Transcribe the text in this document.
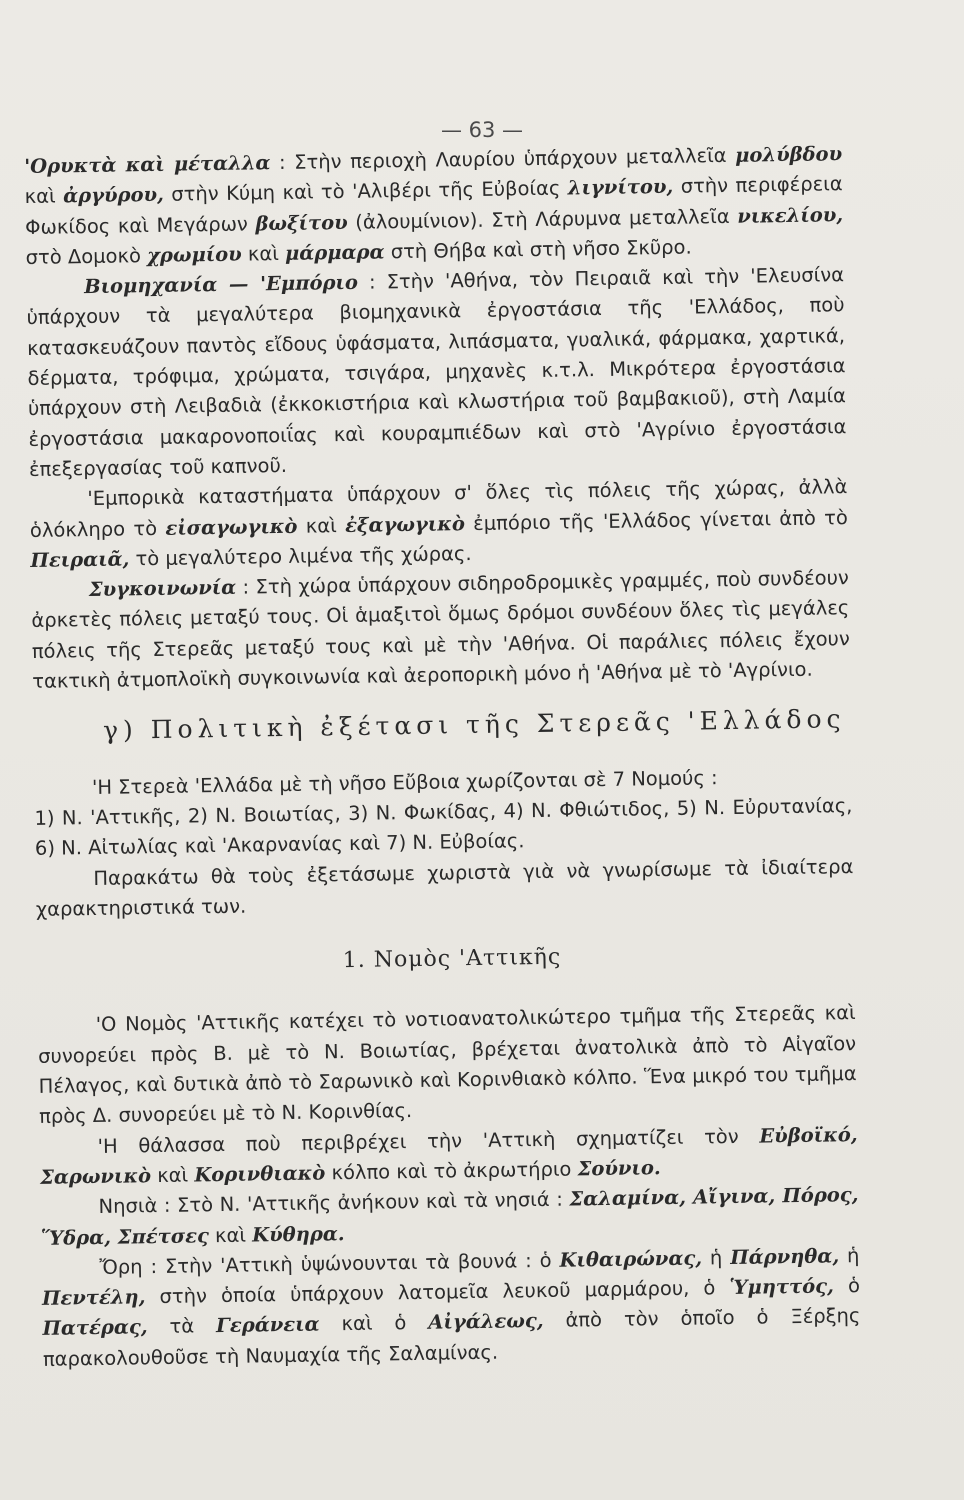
— 63 —

'Ορυκτὰ καὶ μέταλλα : Στὴν περιοχὴ Λαυρίου ὑπάρχουν μεταλλεῖα μολύβδου καὶ ἀργύρου, στὴν Κύμη καὶ τὸ 'Αλιβέρι τῆς Εὐβοίας λιγνίτου, στὴν περιφέρεια Φωκίδος καὶ Μεγάρων βωξίτου (ἀλουμίνιον). Στὴ Λάρυμνα μεταλλεῖα νικελίου, στὸ Δομοκὸ χρωμίου καὶ μάρμαρα στὴ Θήβα καὶ στὴ νῆσο Σκῦρο.

Βιομηχανία — 'Εμπόριο : Στὴν 'Αθήνα, τὸν Πειραιᾶ καὶ τὴν 'Ελευσίνα ὑπάρχουν τὰ μεγαλύτερα βιομηχανικὰ ἐργοστάσια τῆς 'Ελλάδος, ποὺ κατασκευάζουν παντὸς εἴδους ὑφάσματα, λιπάσματα, γυαλικά, φάρμακα, χαρτικά, δέρματα, τρόφιμα, χρώματα, τσιγάρα, μηχανὲς κ.τ.λ. Μικρότερα ἐργοστάσια ὑπάρχουν στὴ Λειβαδιὰ (ἐκκοκιστήρια καὶ κλωστήρια τοῦ βαμβακιοῦ), στὴ Λαμία ἐργοστάσια μακαρονοποιΐας καὶ κουραμπιέδων καὶ στὸ 'Αγρίνιο ἐργοστάσια ἐπεξεργασίας τοῦ καπνοῦ.

'Εμπορικὰ καταστήματα ὑπάρχουν σ' ὅλες τὶς πόλεις τῆς χώρας, ἀλλὰ ὁλόκληρο τὸ εἰσαγωγικὸ καὶ ἐξαγωγικὸ ἐμπόριο τῆς 'Ελλάδος γίνεται ἀπὸ τὸ Πειραιᾶ, τὸ μεγαλύτερο λιμένα τῆς χώρας.

Συγκοινωνία : Στὴ χώρα ὑπάρχουν σιδηροδρομικὲς γραμμές, ποὺ συνδέουν ἀρκετὲς πόλεις μεταξύ τους. Οἱ ἁμαξιτοὶ ὅμως δρόμοι συνδέουν ὅλες τὶς μεγάλες πόλεις τῆς Στερεᾶς μεταξύ τους καὶ μὲ τὴν 'Αθήνα. Οἱ παράλιες πόλεις ἔχουν τακτικὴ ἀτμοπλοϊκὴ συγκοινωνία καὶ ἀεροπορικὴ μόνο ἡ 'Αθήνα μὲ τὸ 'Αγρίνιο.

γ) Πολιτικὴ ἐξέτασι τῆς Στερεᾶς 'Ελλάδος

'Η Στερεὰ 'Ελλάδα μὲ τὴ νῆσο Εὔβοια χωρίζονται σὲ 7 Νομούς :

1) Ν. 'Αττικῆς, 2) Ν. Βοιωτίας, 3) Ν. Φωκίδας, 4) Ν. Φθιώτιδος, 5) Ν. Εὐρυτανίας, 6) Ν. Αἰτωλίας καὶ 'Ακαρνανίας καὶ 7) Ν. Εὐβοίας.

Παρακάτω θὰ τοὺς ἐξετάσωμε χωριστὰ γιὰ νὰ γνωρίσωμε τὰ ἰδιαίτερα χαρακτηριστικά των.

1. Νομὸς 'Αττικῆς

'Ο Νομὸς 'Αττικῆς κατέχει τὸ νοτιοανατολικώτερο τμῆμα τῆς Στερεᾶς καὶ συνορεύει πρὸς Β. μὲ τὸ Ν. Βοιωτίας, βρέχεται ἀνατολικὰ ἀπὸ τὸ Αἰγαῖον Πέλαγος, καὶ δυτικὰ ἀπὸ τὸ Σαρωνικὸ καὶ Κορινθιακὸ κόλπο. Ἕνα μικρό του τμῆμα πρὸς Δ. συνορεύει μὲ τὸ Ν. Κορινθίας.

'Η θάλασσα ποὺ περιβρέχει τὴν 'Αττικὴ σχηματίζει τὸν Εὐβοϊκό, Σαρωνικὸ καὶ Κορινθιακὸ κόλπο καὶ τὸ ἀκρωτήριο Σούνιο.

Νησιὰ : Στὸ Ν. 'Αττικῆς ἀνήκουν καὶ τὰ νησιά : Σαλαμίνα, Αἴγινα, Πόρος, Ὕδρα, Σπέτσες καὶ Κύθηρα.

Ὄρη : Στὴν 'Αττικὴ ὑψώνουνται τὰ βουνά : ὁ Κιθαιρώνας, ἡ Πάρνηθα, ἡ Πεντέλη, στὴν ὁποία ὑπάρχουν λατομεῖα λευκοῦ μαρμάρου, ὁ Ὑμηττός, ὁ Πατέρας, τὰ Γεράνεια καὶ ὁ Αἰγάλεως, ἀπὸ τὸν ὁποῖο ὁ Ξέρξης παρακολουθοῦσε τὴ Ναυμαχία τῆς Σαλαμίνας.
